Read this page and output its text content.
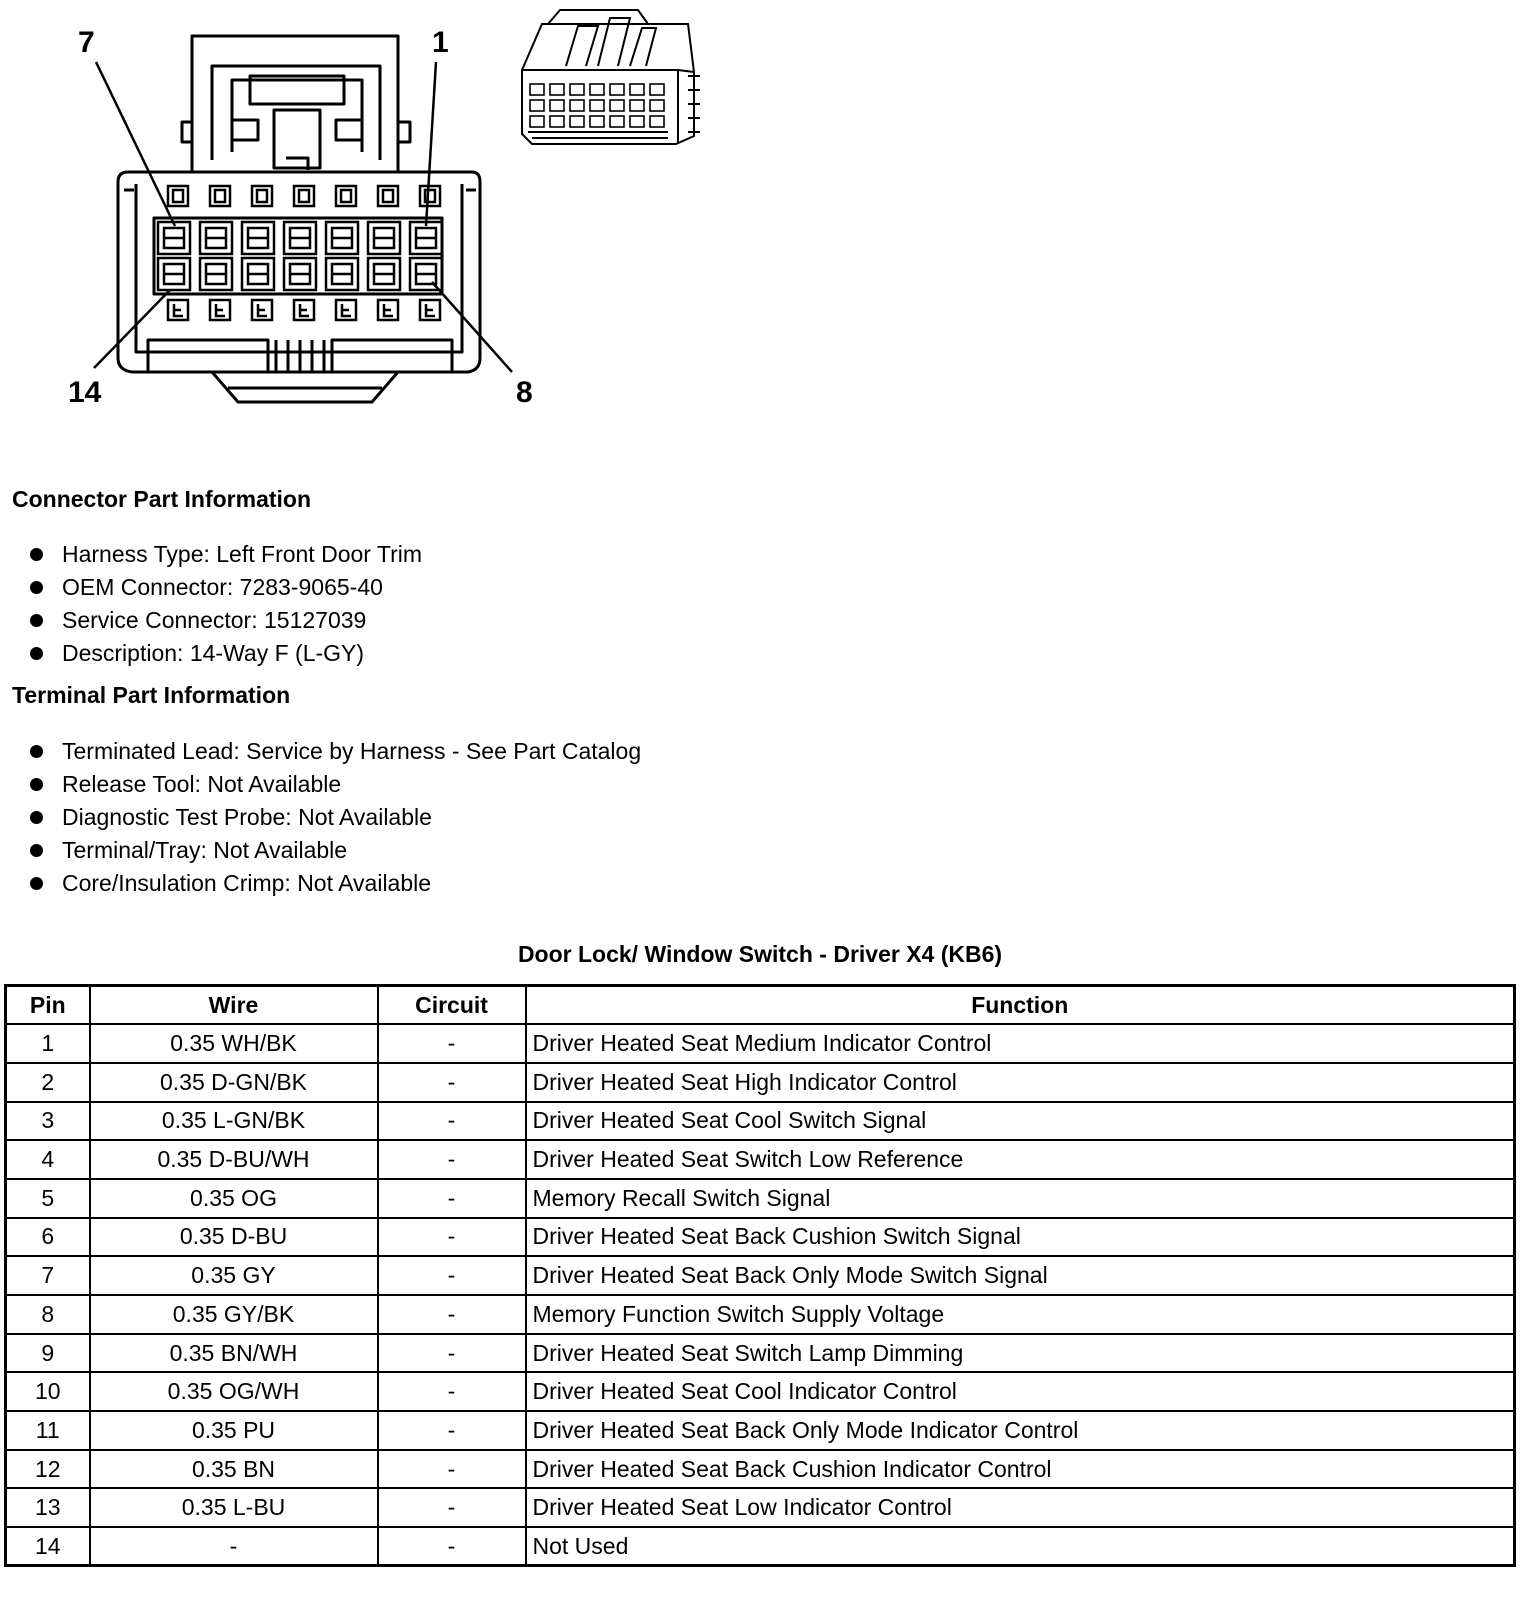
7	1
14	8
Connector Part Information
Harness Type: Left Front Door Trim
OEM Connector: 7283-9065-40
Service Connector: 15127039
Description: 14-Way F (L-GY)
Terminal Part Information
Terminated Lead: Service by Harness - See Part Catalog
Release Tool: Not Available
Diagnostic Test Probe: Not Available
Terminal/Tray: Not Available
Core/Insulation Crimp: Not Available
Door Lock/ Window Switch - Driver X4 (KB6)
Pin	Wire	Circuit	Function
1	0.35 WH/BK	-	Driver Heated Seat Medium Indicator Control
2	0.35 D-GN/BK	-	Driver Heated Seat High Indicator Control
3	0.35 L-GN/BK	-	Driver Heated Seat Cool Switch Signal
4	0.35 D-BU/WH	-	Driver Heated Seat Switch Low Reference
5	0.35 OG	-	Memory Recall Switch Signal
6	0.35 D-BU	-	Driver Heated Seat Back Cushion Switch Signal
7	0.35 GY	-	Driver Heated Seat Back Only Mode Switch Signal
8	0.35 GY/BK	-	Memory Function Switch Supply Voltage
9	0.35 BN/WH	-	Driver Heated Seat Switch Lamp Dimming
10	0.35 OG/WH	-	Driver Heated Seat Cool Indicator Control
11	0.35 PU	-	Driver Heated Seat Back Only Mode Indicator Control
12	0.35 BN	-	Driver Heated Seat Back Cushion Indicator Control
13	0.35 L-BU	-	Driver Heated Seat Low Indicator Control
14	-	-	Not Used
